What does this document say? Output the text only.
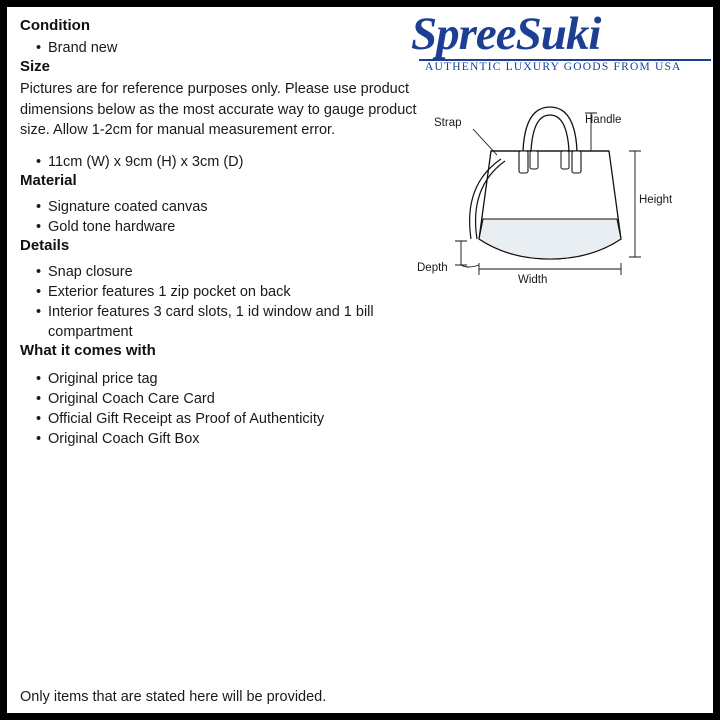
SpreeSuki
AUTHENTIC LUXURY GOODS FROM USA
Strap	Handle
Height
Depth
Width
Condition
• Brand new
Size

Pictures are for reference purposes only. Please use product dimensions below as the most accurate way to gauge product size. Allow 1-2cm for manual measurement error.

• 11cm (W) x 9cm (H) x 3cm (D)
Material
• Signature coated canvas
• Gold tone hardware
Details
• Snap closure
• Exterior features 1 zip pocket on back
• Interior features 3 card slots, 1 id window and 1 bill compartment
What it comes with
• Original price tag
• Original Coach Care Card
• Official Gift Receipt as Proof of Authenticity
• Original Coach Gift Box
Only items that are stated here will be provided.
